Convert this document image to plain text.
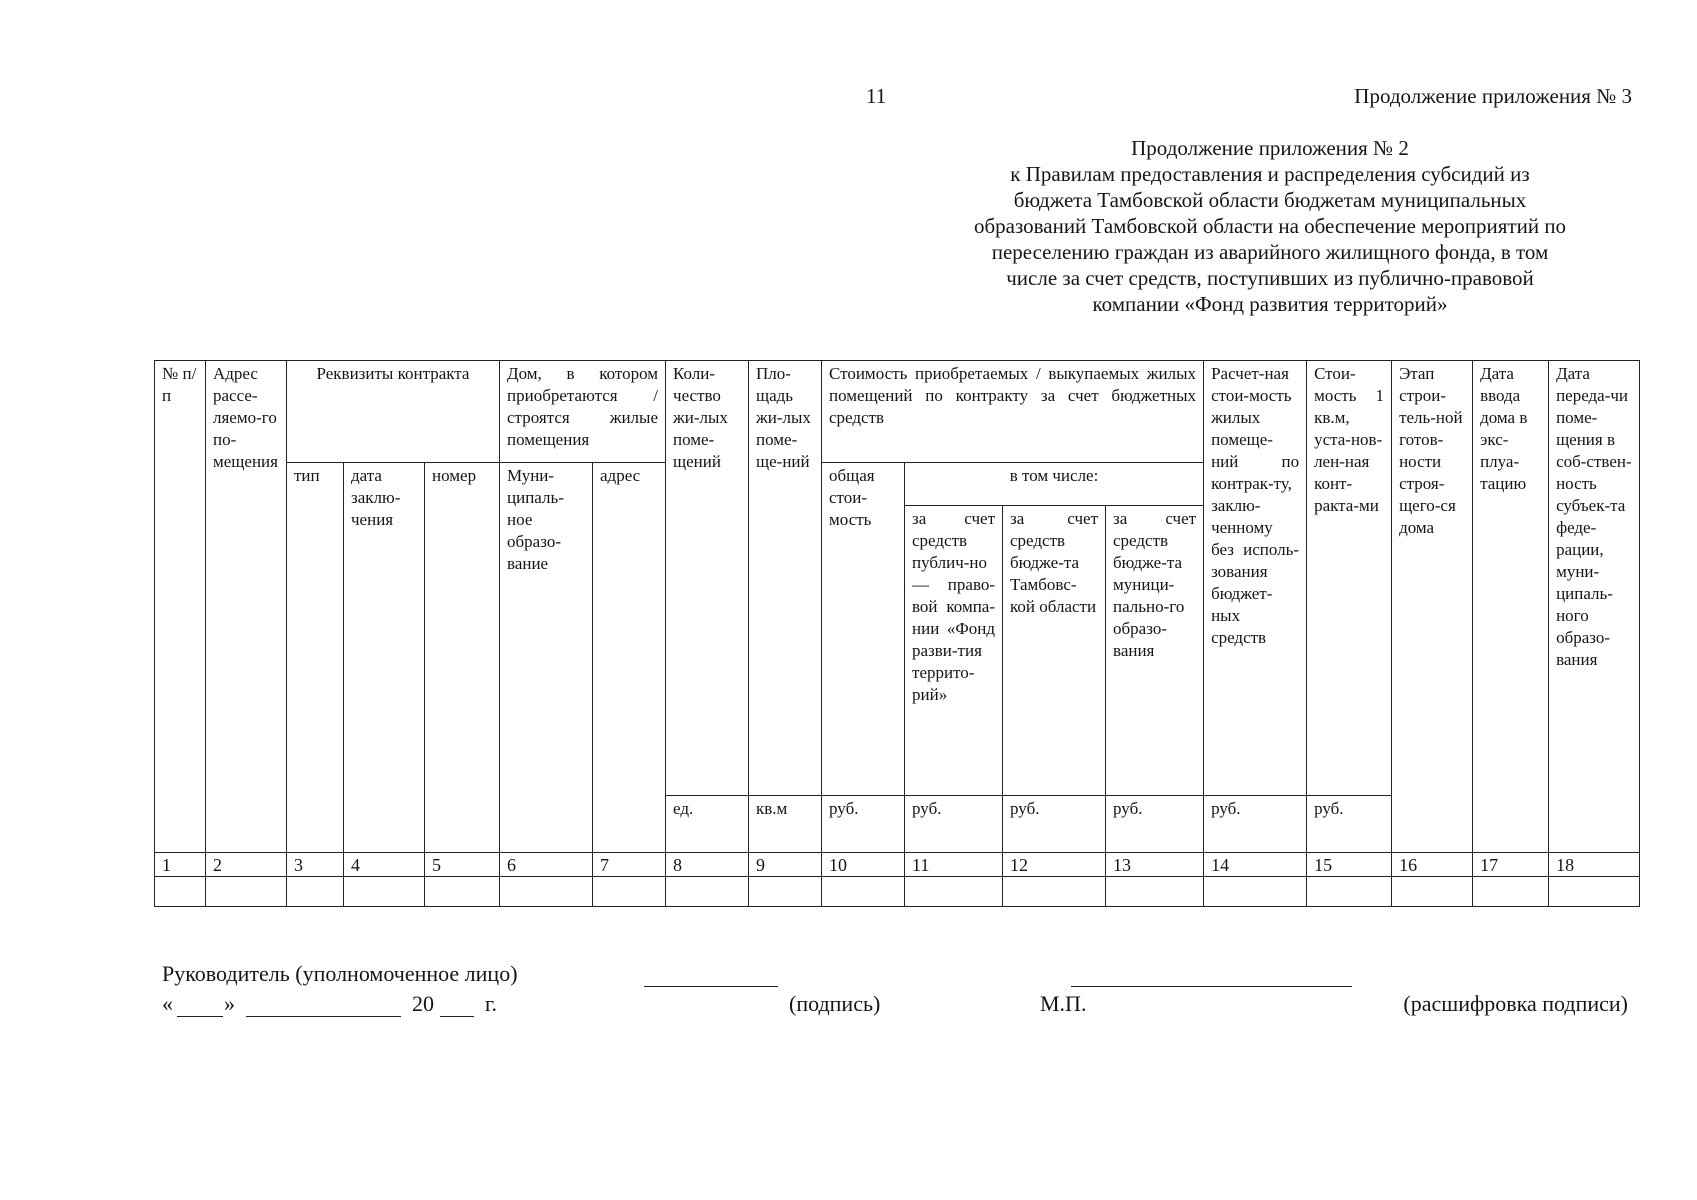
11	Продолжение приложения № 3
Продолжение приложения № 2
к Правилам предоставления и распределения субсидий из
бюджета Тамбовской области бюджетам муниципальных
образований Тамбовской области на обеспечение мероприятий по
переселению граждан из аварийного жилищного фонда, в том
числе за счет средств, поступивших из публично-правовой
компании «Фонд развития территорий»
№ п/п	Адрес рассе-ляемо-го по-мещения	Реквизиты контракта			Дом, в котором приобретаются / строятся жилые помещения		Коли-чество жи-лых поме-щений	Пло-щадь жи-лых поме-ще-ний	Стоимость приобретаемых / выкупаемых жилых помещений по контракту за счет бюджетных средств				Расчет-ная стои-мость жилых помеще-ний по контрак-ту, заклю-ченному без исполь-зования бюджет-ных средств	Стои-мость 1 кв.м, уста-нов-лен-ная конт-ракта-ми	Этап строи-тель-ной готов-ности строя-щего-ся дома	Дата ввода дома в экс-плуа-тацию	Дата переда-чи поме-щения в соб-ствен-ность субъек-та феде-рации, муни-ципаль-ного образо-вания
		тип	дата заклю-чения	номер	Муни-ципаль-ное образо-вание	адрес			общая стои-мость	в том числе:							
										за счет средств публич-но — право-вой компа-нии «Фонд разви-тия террито-рий»	за счет средств бюдже-та Тамбовс-кой области	за счет средств бюдже-та муници-пально-го образо-вания					
							ед.	кв.м	руб.	руб.	руб.	руб.	руб.	руб.			
1	2	3	4	5	6	7	8	9	10	11	12	13	14	15	16	17	18

Руководитель (уполномоченное лицо)
« »	20 г.	(подпись)	М.П.	(расшифровка подписи)
